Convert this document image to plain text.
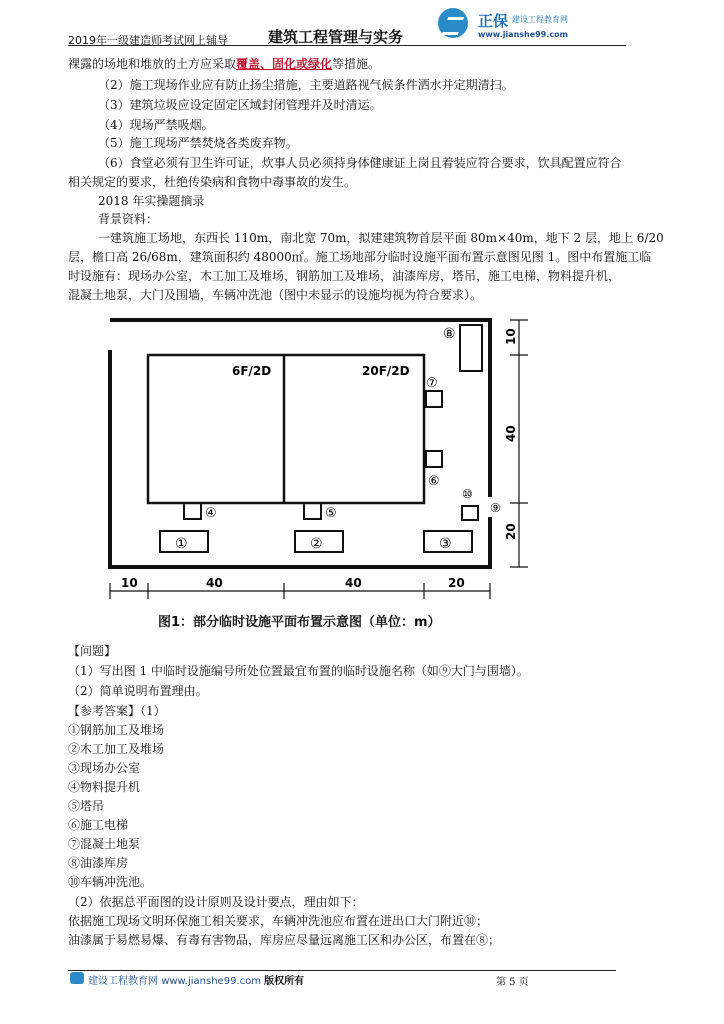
2019年一级建造师考试网上辅导	建筑工程管理与实务
正保 建设工程教育网
www.jianshe99.com
裸露的场地和堆放的土方应采取覆盖、固化或绿化等措施。
（2）施工现场作业应有防止扬尘措施，主要道路视气候条件洒水并定期清扫。
（3）建筑垃圾应设定固定区域封闭管理并及时清运。
（4）现场严禁吸烟。
（5）施工现场严禁焚烧各类废弃物。
（6）食堂必须有卫生许可证，炊事人员必须持身体健康证上岗且着装应符合要求，饮具配置应符合
相关规定的要求，杜绝传染病和食物中毒事故的发生。
2018 年实操题摘录
背景资料：
一建筑施工场地，东西长 110m，南北宽 70m，拟建建筑物首层平面 80m×40m，地下 2 层，地上 6/20
层，檐口高 26/68m，建筑面积约 48000㎡。施工场地部分临时设施平面布置示意图见图 1。图中布置施工临
时设施有：现场办公室，木工加工及堆场，钢筋加工及堆场，油漆库房，塔吊，施工电梯，物料提升机，
混凝土地泵，大门及围墙，车辆冲洗池（图中未显示的设施均视为符合要求）。
6F/2D	20F/2D
①	②	③
④	⑤
⑥
⑦
⑧
⑨
⑩
10
40
20
10	40	40	20
图1：部分临时设施平面布置示意图（单位：m）
【问题】
（1）写出图 1 中临时设施编号所处位置最宜布置的临时设施名称（如⑨大门与围墙）。
（2）简单说明布置理由。
【参考答案】（1）
①钢筋加工及堆场
②木工加工及堆场
③现场办公室
④物料提升机
⑤塔吊
⑥施工电梯
⑦混凝土地泵
⑧油漆库房
⑩车辆冲洗池。
（2）依据总平面图的设计原则及设计要点，理由如下：
依据施工现场文明环保施工相关要求，车辆冲洗池应布置在进出口大门附近⑩；
油漆属于易燃易爆、有毒有害物品，库房应尽量远离施工区和办公区，布置在⑧；
建设工程教育网 www.jianshe99.com 版权所有	第 5 页
